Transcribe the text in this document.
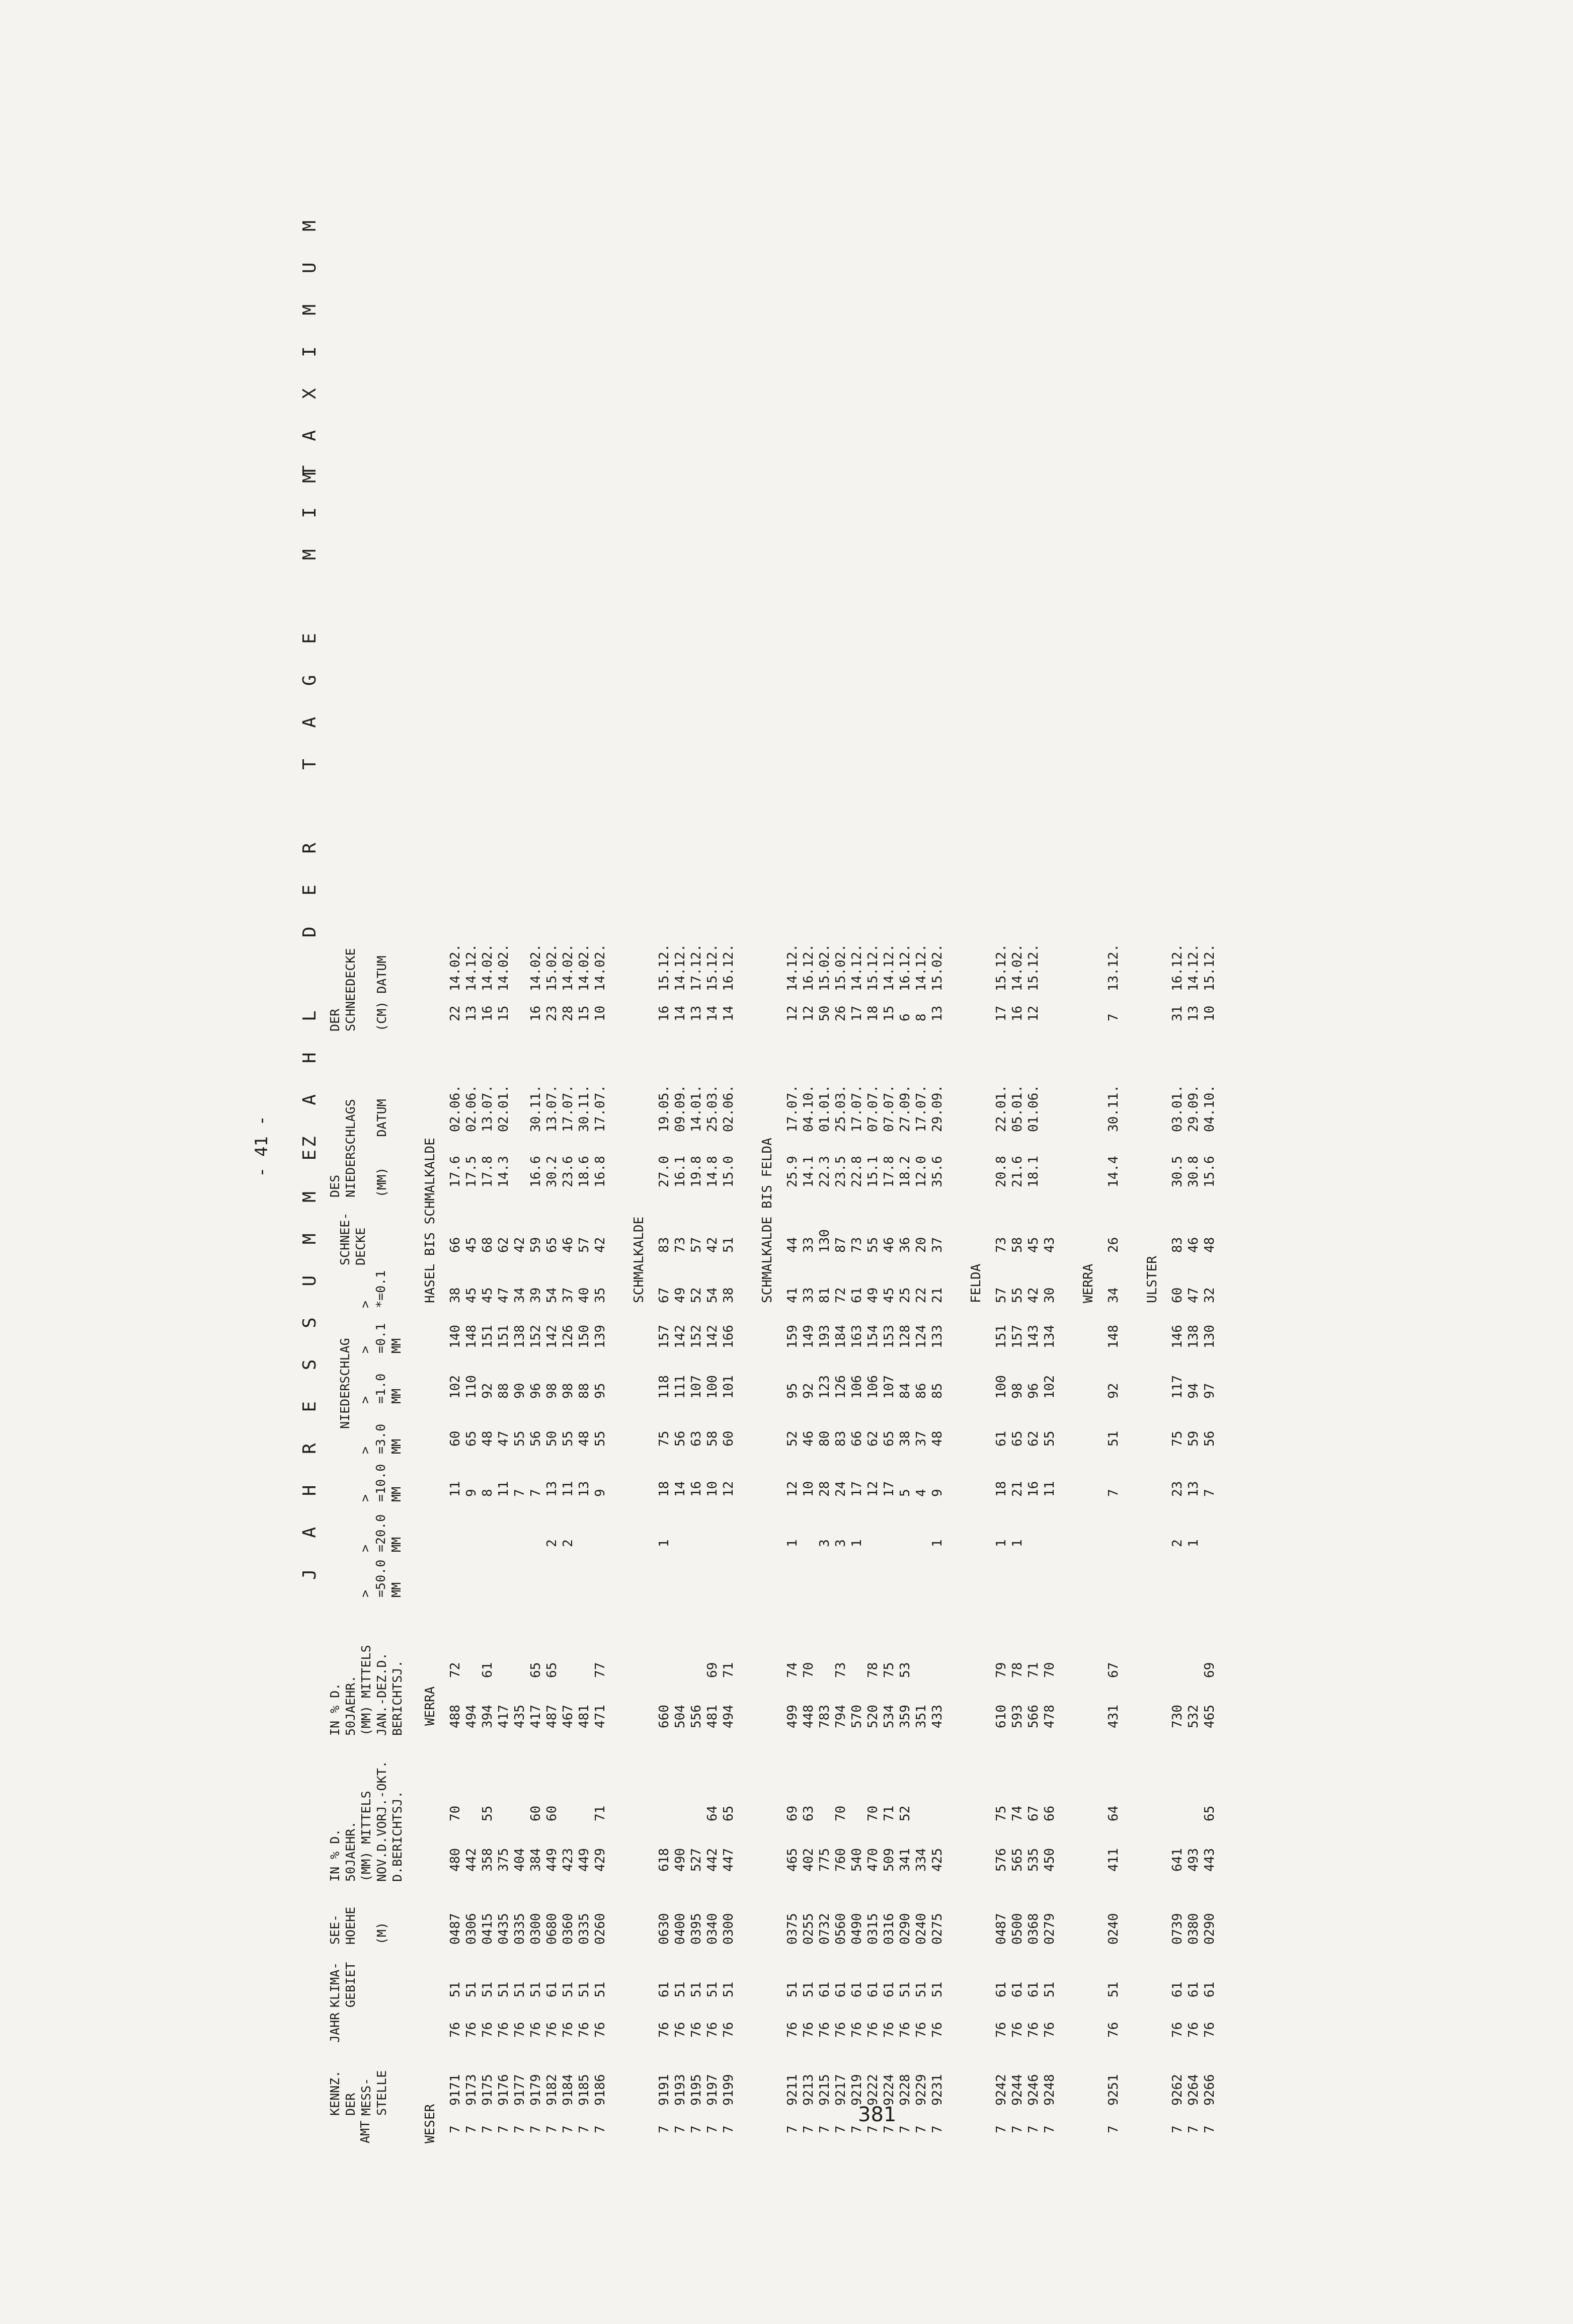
- 41 - J A H R E S S U M M E
Z A H L   D E R   T A G E   M I T
M A X I M U M
AMT
KENNZ.
DER
MESS-
STELLE
JAHR
KLIMA-
GEBIET
SEE-
HOEHE

(M)
IN % D.
50JAEHR.
(MM) MITTELS
NOV.D.VORJ.-OKT.
D.BERICHTSJ.
IN % D.
50JAEHR.
(MM) MITTELS
JAN.-DEZ.D.
BERICHTSJ.
>
=50.0
MM
>
=20.0
MM
NIEDERSCHLAG
>
=10.0
MM
>
=3.0
MM
>
=1.0
MM
>
=0.1
MM
>
*=0.1
SCHNEE-
DECKE
DES
NIEDERSCHLAGS

(MM)    DATUM
DER
SCHNEEDECKE

(CM) DATUM
WESER
WERRA
HASEL BIS SCHMALKALDE
7
9171
76
51
0487
480
70
488
72
11
60
102
140
38
66
17.6
02.06.
22
14.02.
7
9173
76
51
0306
442
494
9
65
110
148
45
45
17.5
02.06.
13
14.12.
7
9175
76
51
0415
358
55
394
61
8
48
92
151
45
68
17.8
13.07.
16
14.02.
7
9176
76
51
0435
375
417
11
47
88
151
47
62
14.3
02.01.
15
14.02.
7
9177
76
51
0335
404
435
7
55
90
138
34
42
7
9179
76
51
0300
384
60
417
65
7
56
96
152
39
59
16.6
30.11.
16
14.02.
7
9182
76
61
0680
449
60
487
65
2
13
50
98
142
54
65
30.2
13.07.
23
15.02.
7
9184
76
51
0360
423
467
2
11
55
98
126
37
46
23.6
17.07.
28
14.02.
7
9185
76
51
0335
449
481
13
48
88
150
40
57
18.6
30.11.
15
14.02.
7
9186
76
51
0260
429
71
471
77
9
55
95
139
35
42
16.8
17.07.
10
14.02.
SCHMALKALDE
7
9191
76
61
0630
618
660
1
18
75
118
157
67
83
27.0
19.05.
16
15.12.
7
9193
76
51
0400
490
504
14
56
111
142
49
73
16.1
09.09.
14
14.12.
7
9195
76
51
0395
527
556
16
63
107
152
52
57
19.8
14.01.
13
17.12.
7
9197
76
51
0340
442
64
481
69
10
58
100
142
54
42
14.8
25.03.
14
15.12.
7
9199
76
51
0300
447
65
494
71
12
60
101
166
38
51
15.0
02.06.
14
16.12.
SCHMALKALDE BIS FELDA
7
9211
76
51
0375
465
69
499
74
1
12
52
95
159
41
44
25.9
17.07.
12
14.12.
7
9213
76
51
0255
402
63
448
70
10
46
92
149
33
33
14.1
04.10.
12
16.12.
7
9215
76
61
0732
775
783
3
28
80
123
193
81
130
22.3
01.01.
50
15.02.
7
9217
76
61
0560
760
70
794
73
3
24
83
126
184
72
87
23.5
25.03.
26
15.02.
7
9219
76
61
0490
540
570
1
17
66
106
163
61
73
22.8
17.07.
17
14.12.
7
9222
76
61
0315
470
70
520
78
12
62
106
154
49
55
15.1
07.07.
18
15.12.
7
9224
76
61
0316
509
71
534
75
17
65
107
153
45
46
17.8
07.07.
15
14.12.
7
9228
76
51
0290
341
52
359
53
5
38
84
128
25
36
18.2
27.09.
6
16.12.
7
9229
76
51
0240
334
351
4
37
86
124
22
20
12.0
17.07.
8
14.12.
7
9231
76
51
0275
425
433
1
9
48
85
133
21
37
35.6
29.09.
13
15.02.
FELDA
7
9242
76
61
0487
576
75
610
79
1
18
61
100
151
57
73
20.8
22.01.
17
15.12.
7
9244
76
61
0500
565
74
593
78
1
21
65
98
157
55
58
21.6
05.01.
16
14.02.
7
9246
76
61
0368
535
67
566
71
16
62
96
143
42
45
18.1
01.06.
12
15.12.
7
9248
76
51
0279
450
66
478
70
11
55
102
134
30
43
WERRA
7
9251
76
51
0240
411
64
431
67
7
51
92
148
34
26
14.4
30.11.
7
13.12.
ULSTER
7
9262
76
61
0739
641
730
2
23
75
117
146
60
83
30.5
03.01.
31
16.12.
7
9264
76
61
0380
493
532
1
13
59
94
138
47
46
30.8
29.09.
13
14.12.
7
9266
76
61
0290
443
65
465
69
7
56
97
130
32
48
15.6
04.10.
10
15.12.
381
